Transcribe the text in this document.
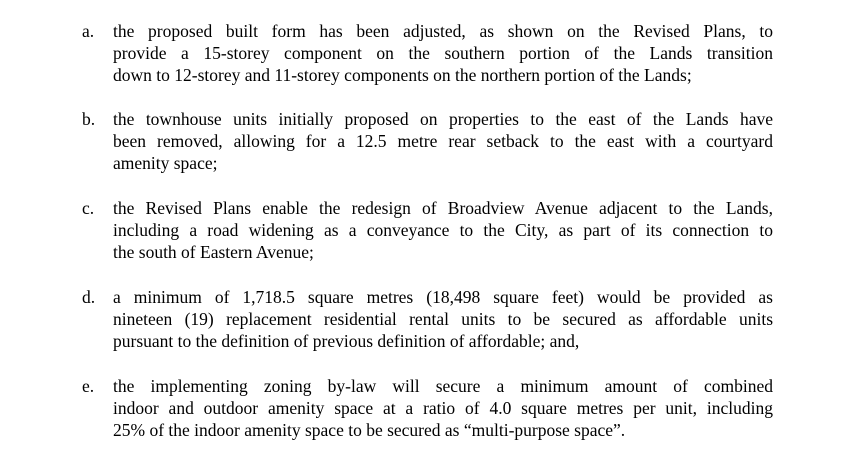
a. the proposed built form has been adjusted, as shown on the Revised Plans, to
provide a 15-storey component on the southern portion of the Lands transition
down to 12-storey and 11-storey components on the northern portion of the Lands;
b. the townhouse units initially proposed on properties to the east of the Lands have
been removed, allowing for a 12.5 metre rear setback to the east with a courtyard
amenity space;
c. the Revised Plans enable the redesign of Broadview Avenue adjacent to the Lands,
including a road widening as a conveyance to the City, as part of its connection to
the south of Eastern Avenue;
d. a minimum of 1,718.5 square metres (18,498 square feet) would be provided as
nineteen (19) replacement residential rental units to be secured as affordable units
pursuant to the definition of previous definition of affordable; and,
e. the implementing zoning by-law will secure a minimum amount of combined
indoor and outdoor amenity space at a ratio of 4.0 square metres per unit, including
25% of the indoor amenity space to be secured as “multi-purpose space”.
